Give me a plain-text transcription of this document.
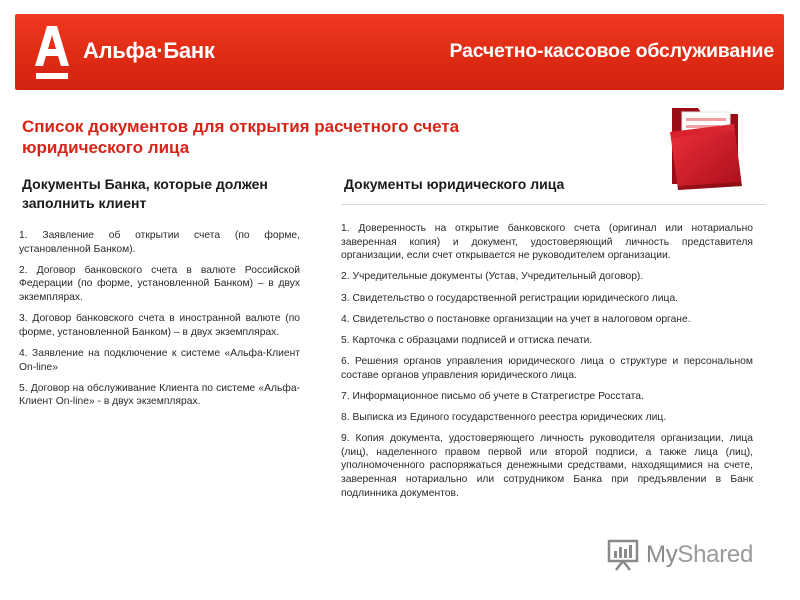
Альфа·Банк	Расчетно-кассовое обслуживание
Список документов для открытия расчетного счета юридического лица
Документы Банка, которые должен заполнить клиент
Документы юридического лица
1. Заявление об открытии счета (по форме, установленной Банком).
2. Договор банковского счета в валюте Российской Федерации (по форме, установленной Банком) – в двух экземплярах.
3. Договор банковского счета в иностранной валюте (по форме, установленной Банком) – в двух экземплярах.
4. Заявление на подключение к системе «Альфа-Клиент On-line»
5. Договор на обслуживание Клиента по системе «Альфа-Клиент On-line» - в двух экземплярах.
1. Доверенность на открытие банковского счета (оригинал или нотариально заверенная копия) и документ, удостоверяющий личность представителя организации, если счет открывается не руководителем организации.
2. Учредительные документы (Устав, Учредительный договор).
3. Свидетельство о государственной регистрации юридического лица.
4. Свидетельство о постановке организации на учет в налоговом органе.
5. Карточка с образцами подписей и оттиска печати.
6. Решения органов управления юридического лица о структуре и персональном составе органов управления юридического лица.
7. Информационное письмо об учете в Статрегистре Росстата.
8. Выписка из Единого государственного реестра юридических лиц.
9. Копия документа, удостоверяющего личность руководителя организации, лица (лиц), наделенного правом первой или второй подписи, а также лица (лиц), уполномоченного распоряжаться денежными средствами, находящимися на счете, заверенная нотариально или сотрудником Банка при предъявлении в Банк подлинника документов.
MyShared
